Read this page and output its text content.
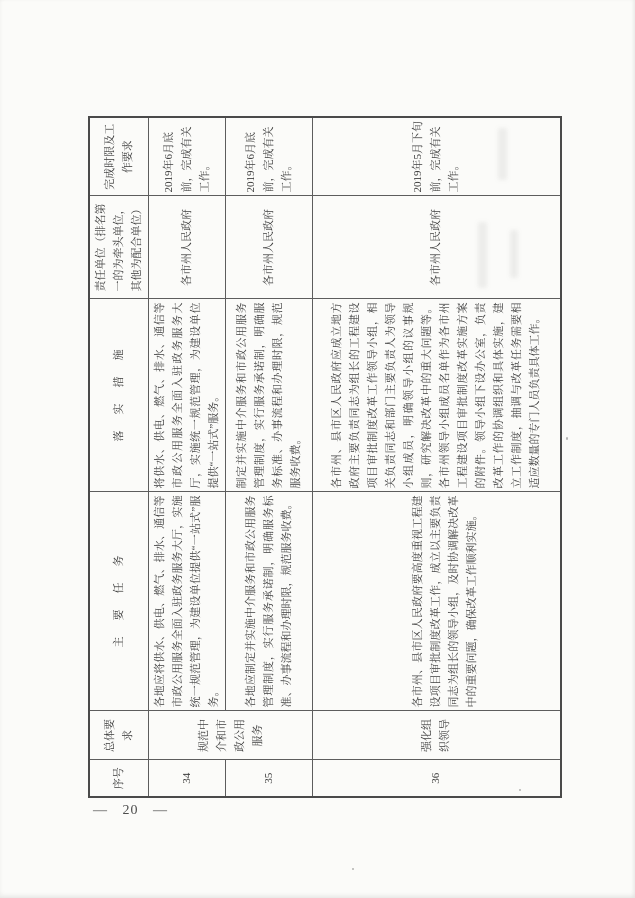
序号	总体要求	主要任务	落实措施	责任单位（排名第一的为牵头单位，其他为配合单位）	完成时限及工作要求
34	规范中介和市政公用服务	各地应将供水、供电、燃气、排水、通信等市政公用服务全面入驻政务服务大厅，实施统一规范管理，为建设单位提供“一站式”服务。	将供水、供电、燃气、排水、通信等市政公用服务全面入驻政务服务大厅，实施统一规范管理，为建设单位提供“一站式”服务。	各市州人民政府	2019年6月底前，完成有关工作。
35		各地应制定并实施中介服务和市政公用服务管理制度，实行服务承诺制，明确服务标准、办事流程和办理时限，规范服务收费。	制定并实施中介服务和市政公用服务管理制度，实行服务承诺制，明确服务标准、办事流程和办理时限，规范服务收费。	各市州人民政府	2019年6月底前，完成有关工作。
36	强化组织领导	各市州、县市区人民政府要高度重视工程建设项目审批制度改革工作，成立以主要负责同志为组长的领导小组，及时协调解决改革中的重要问题，确保改革工作顺利实施。	各市州、县市区人民政府应成立地方政府主要负责同志为组长的工程建设项目审批制度改革工作领导小组，相关负责同志和部门主要负责人为领导小组成员，明确领导小组的议事规则，研究解决改革中的重大问题等。各市州领导小组成员名单作为各市州工程建设项目审批制度改革实施方案的附件。领导小组下设办公室，负责改革工作的协调组织和具体实施，建立工作制度，抽调与改革任务需要相适应数量的专门人员负责具体工作。	各市州人民政府	2019年5月下旬前，完成有关工作。
— 20 —
